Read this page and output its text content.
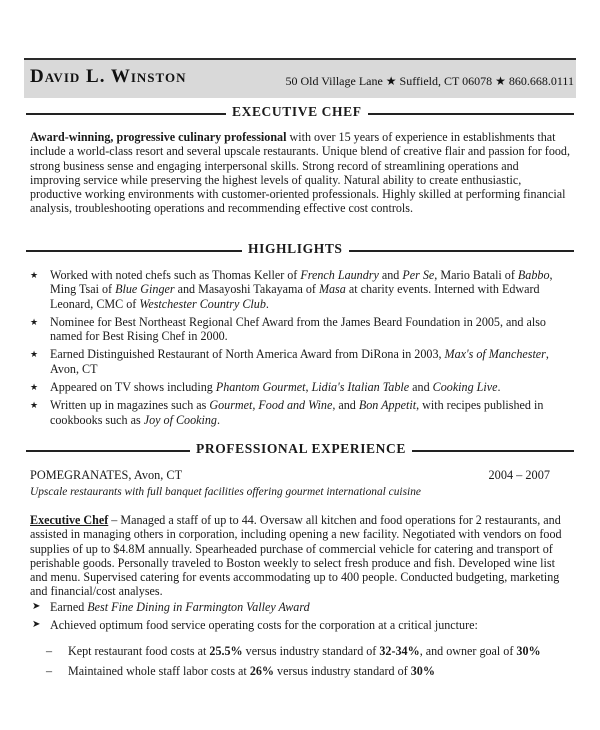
David L. Winston	50 Old Village Lane ★ Suffield, CT 06078 ★ 860.668.0111
EXECUTIVE CHEF
Award-winning, progressive culinary professional with over 15 years of experience in establishments that include a world-class resort and several upscale restaurants. Unique blend of creative flair and passion for food, strong business sense and engaging interpersonal skills. Strong record of streamlining operations and improving service while preserving the highest levels of quality. Natural ability to create enthusiastic, productive working environments with customer-oriented professionals. Highly skilled at performing financial analysis, troubleshooting operations and recommending effective cost controls.
HIGHLIGHTS
★ Worked with noted chefs such as Thomas Keller of French Laundry and Per Se, Mario Batali of Babbo, Ming Tsai of Blue Ginger and Masayoshi Takayama of Masa at charity events. Interned with Edward Leonard, CMC of Westchester Country Club.
★ Nominee for Best Northeast Regional Chef Award from the James Beard Foundation in 2005, and also named for Best Rising Chef in 2000.
★ Earned Distinguished Restaurant of North America Award from DiRona in 2003, Max's of Manchester, Avon, CT
★ Appeared on TV shows including Phantom Gourmet, Lidia's Italian Table and Cooking Live.
★ Written up in magazines such as Gourmet, Food and Wine, and Bon Appetit, with recipes published in cookbooks such as Joy of Cooking.
PROFESSIONAL EXPERIENCE
POMEGRANATES, Avon, CT	2004 – 2007
Upscale restaurants with full banquet facilities offering gourmet international cuisine
Executive Chef – Managed a staff of up to 44. Oversaw all kitchen and food operations for 2 restaurants, and assisted in managing others in corporation, including opening a new facility. Negotiated with vendors on food supplies of up to $4.8M annually. Spearheaded purchase of commercial vehicle for catering and transport of perishable goods. Personally traveled to Boston weekly to select fresh produce and fish. Developed wine list and menu. Supervised catering for events accommodating up to 400 people. Conducted budgeting, marketing and financial/cost analyses.
➤ Earned Best Fine Dining in Farmington Valley Award
➤ Achieved optimum food service operating costs for the corporation at a critical juncture:
– Kept restaurant food costs at 25.5% versus industry standard of 32-34%, and owner goal of 30%
– Maintained whole staff labor costs at 26% versus industry standard of 30%
